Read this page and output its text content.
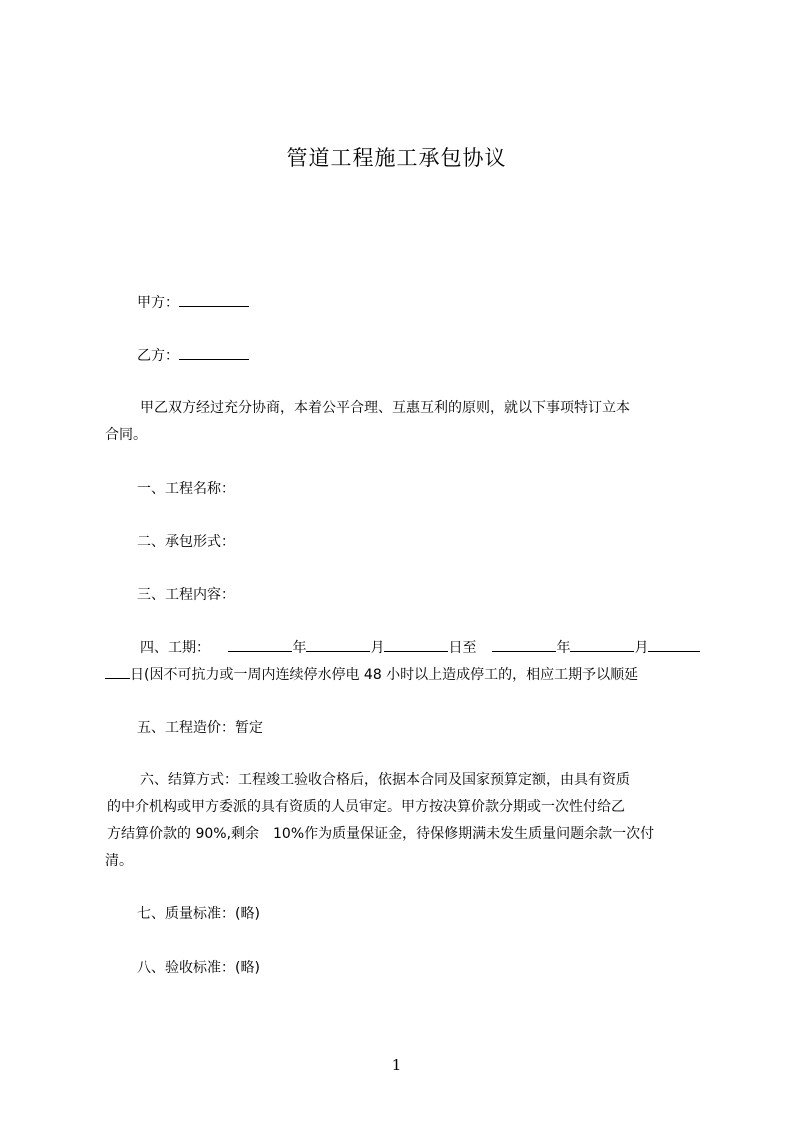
管道工程施工承包协议
甲方：
乙方：
甲乙双方经过充分协商，本着公平合理、互惠互利的原则，就以下事项特订立本
合同。
一、工程名称：
二、承包形式：
三、工程内容：
四、工期：	年	月	日至	年	月
日(因不可抗力或一周内连续停水停电 48 小时以上造成停工的，相应工期予以顺延
五、工程造价：暂定
六、结算方式：工程竣工验收合格后，依据本合同及国家预算定额，由具有资质
的中介机构或甲方委派的具有资质的人员审定。甲方按决算价款分期或一次性付给乙
方结算价款的 90%,剩余　10%作为质量保证金，待保修期满未发生质量问题余款一次付
清。
七、质量标准：(略)
八、验收标准：(略)
1
